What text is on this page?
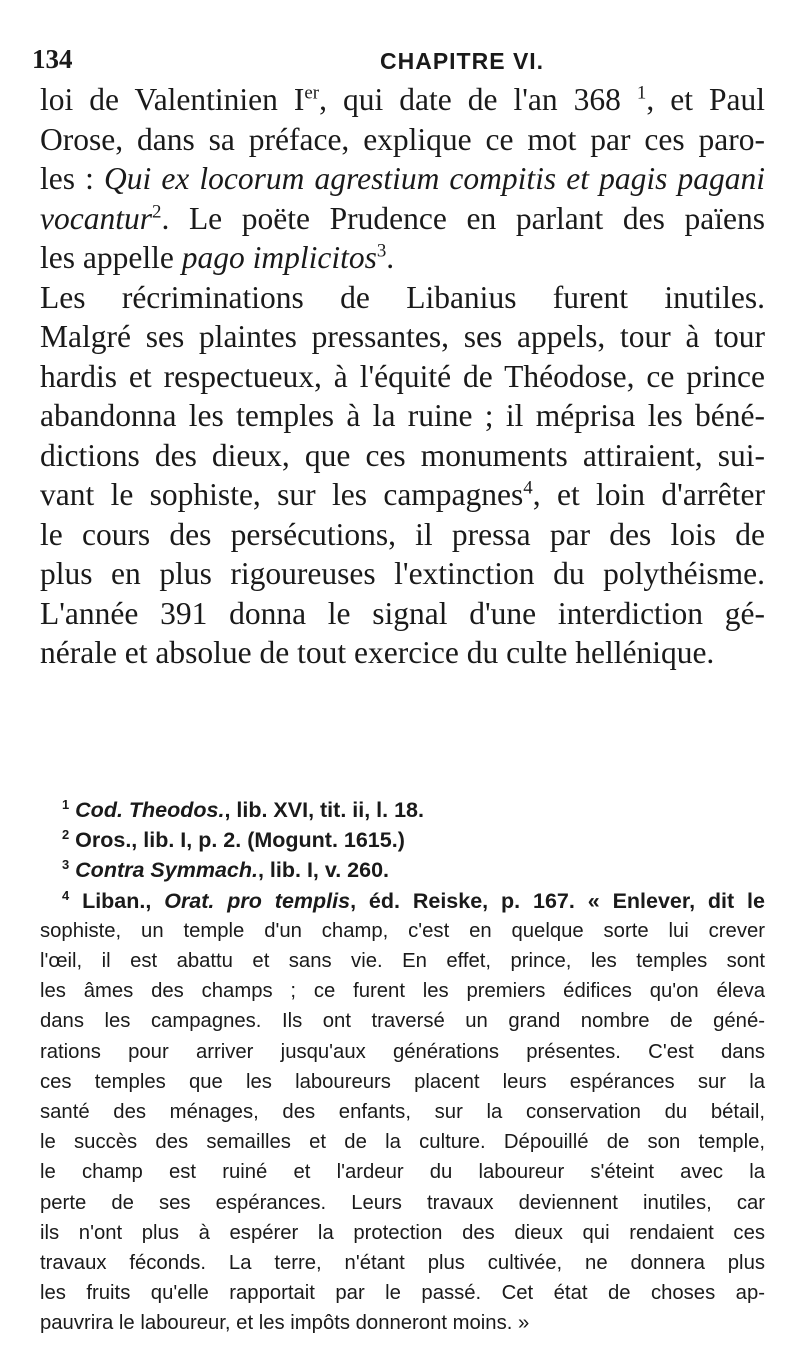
134	CHAPITRE VI.
loi de Valentinien Ier, qui date de l'an 368 $^1$, et Paul
Orose, dans sa préface, explique ce mot par ces paro-
les : Qui ex locorum agrestium compitis et pagis pagani
vocantur$^2$. Le poëte Prudence en parlant des païens
les appelle pago implicitos$^3$.
Les récriminations de Libanius furent inutiles.
Malgré ses plaintes pressantes, ses appels, tour à tour
hardis et respectueux, à l'équité de Théodose, ce prince
abandonna les temples à la ruine ; il méprisa les béné-
dictions des dieux, que ces monuments attiraient, sui-
vant le sophiste, sur les campagnes$^4$, et loin d'arrêter
le cours des persécutions, il pressa par des lois de
plus en plus rigoureuses l'extinction du polythéisme.
L'année 391 donna le signal d'une interdiction gé-
nérale et absolue de tout exercice du culte hellénique.
$^1$ Cod. Theodos., lib. XVI, tit. ii, l. 18.
$^2$ Oros., lib. I, p. 2. (Mogunt. 1615.)
$^3$ Contra Symmach., lib. I, v. 260.
$^4$ Liban., Orat. pro templis, éd. Reiske, p. 167. « Enlever, dit le
sophiste, un temple d'un champ, c'est en quelque sorte lui crever
l'œil, il est abattu et sans vie. En effet, prince, les temples sont
les âmes des champs ; ce furent les premiers édifices qu'on éleva
dans les campagnes. Ils ont traversé un grand nombre de géné-
rations pour arriver jusqu'aux générations présentes. C'est dans
ces temples que les laboureurs placent leurs espérances sur la
santé des ménages, des enfants, sur la conservation du bétail,
le succès des semailles et de la culture. Dépouillé de son temple,
le champ est ruiné et l'ardeur du laboureur s'éteint avec la
perte de ses espérances. Leurs travaux deviennent inutiles, car
ils n'ont plus à espérer la protection des dieux qui rendaient ces
travaux féconds. La terre, n'étant plus cultivée, ne donnera plus
les fruits qu'elle rapportait par le passé. Cet état de choses ap-
pauvrira le laboureur, et les impôts donneront moins. »
